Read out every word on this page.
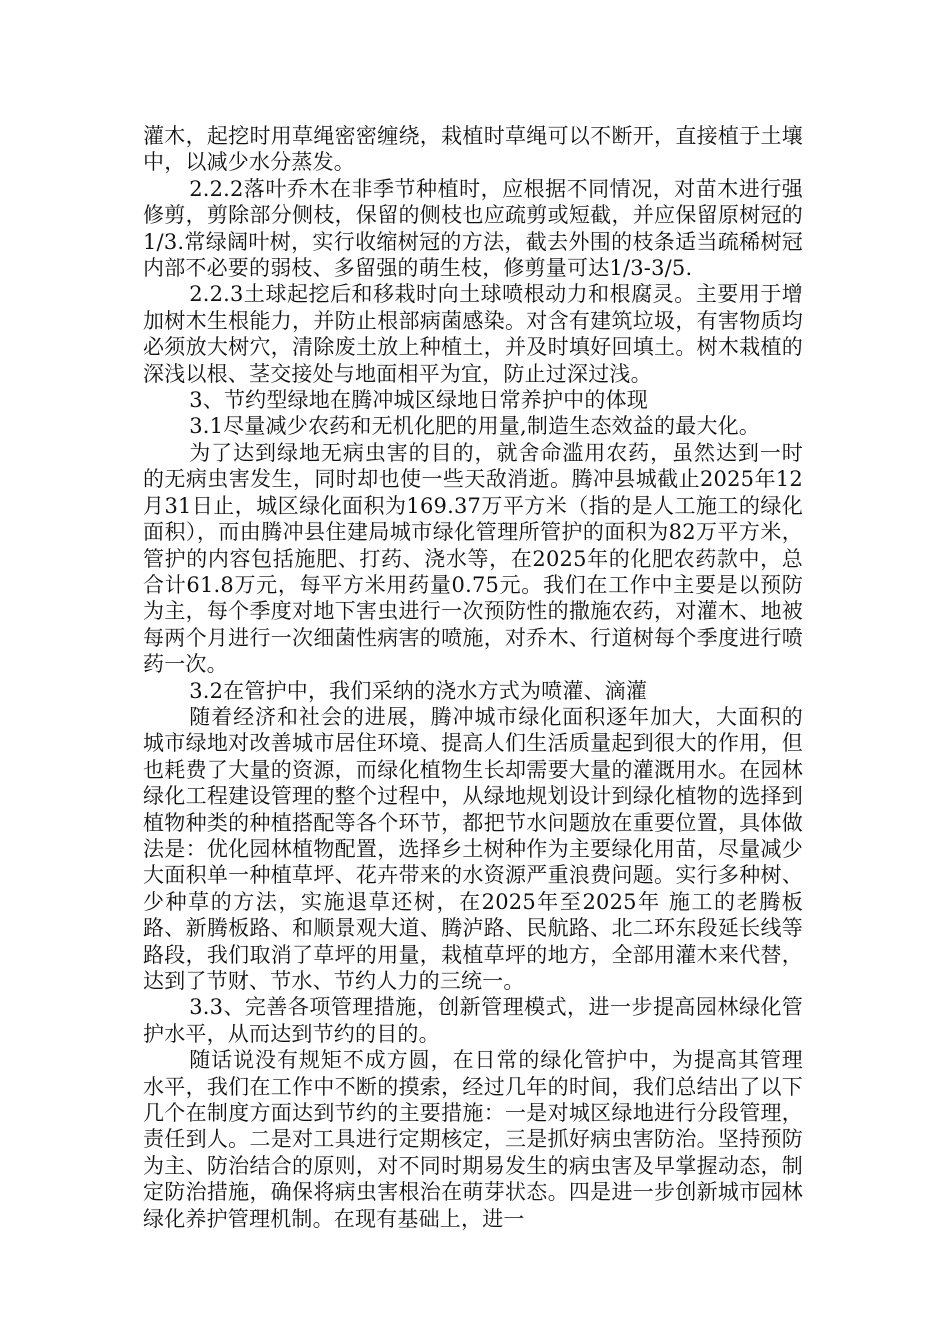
灌木，起挖时用草绳密密缠绕，栽植时草绳可以不断开，直接植于土壤中，以减少水分蒸发。

2.2.2落叶乔木在非季节种植时，应根据不同情况，对苗木进行强修剪，剪除部分侧枝，保留的侧枝也应疏剪或短截，并应保留原树冠的1/3.常绿阔叶树，实行收缩树冠的方法，截去外围的枝条适当疏稀树冠内部不必要的弱枝、多留强的萌生枝，修剪量可达1/3-3/5.

2.2.3土球起挖后和移栽时向土球喷根动力和根腐灵。主要用于增加树木生根能力，并防止根部病菌感染。对含有建筑垃圾，有害物质均必须放大树穴，清除废土放上种植土，并及时填好回填土。树木栽植的深浅以根、茎交接处与地面相平为宜，防止过深过浅。

3、节约型绿地在腾冲城区绿地日常养护中的体现

3.1尽量减少农药和无机化肥的用量,制造生态效益的最大化。

为了达到绿地无病虫害的目的，就舍命滥用农药，虽然达到一时的无病虫害发生，同时却也使一些天敌消逝。腾冲县城截止2025年12月31日止，城区绿化面积为169.37万平方米（指的是人工施工的绿化面积），而由腾冲县住建局城市绿化管理所管护的面积为82万平方米，管护的内容包括施肥、打药、浇水等，在2025年的化肥农药款中，总合计61.8万元，每平方米用药量0.75元。我们在工作中主要是以预防为主，每个季度对地下害虫进行一次预防性的撒施农药，对灌木、地被每两个月进行一次细菌性病害的喷施，对乔木、行道树每个季度进行喷药一次。

3.2在管护中，我们采纳的浇水方式为喷灌、滴灌

随着经济和社会的进展，腾冲城市绿化面积逐年加大，大面积的城市绿地对改善城市居住环境、提高人们生活质量起到很大的作用，但也耗费了大量的资源，而绿化植物生长却需要大量的灌溉用水。在园林绿化工程建设管理的整个过程中，从绿地规划设计到绿化植物的选择到植物种类的种植搭配等各个环节，都把节水问题放在重要位置，具体做法是：优化园林植物配置，选择乡土树种作为主要绿化用苗，尽量减少大面积单一种植草坪、花卉带来的水资源严重浪费问题。实行多种树、少种草的方法，实施退草还树，在2025年至2025年 施工的老腾板路、新腾板路、和顺景观大道、腾泸路、民航路、北二环东段延长线等路段，我们取消了草坪的用量，栽植草坪的地方，全部用灌木来代替，达到了节财、节水、节约人力的三统一。

3.3、完善各项管理措施，创新管理模式，进一步提高园林绿化管护水平，从而达到节约的目的。

随话说没有规矩不成方圆，在日常的绿化管护中，为提高其管理水平，我们在工作中不断的摸索，经过几年的时间，我们总结出了以下几个在制度方面达到节约的主要措施：一是对城区绿地进行分段管理，责任到人。二是对工具进行定期核定，三是抓好病虫害防治。坚持预防为主、防治结合的原则，对不同时期易发生的病虫害及早掌握动态，制定防治措施，确保将病虫害根治在萌芽状态。四是进一步创新城市园林绿化养护管理机制。在现有基础上，进一
